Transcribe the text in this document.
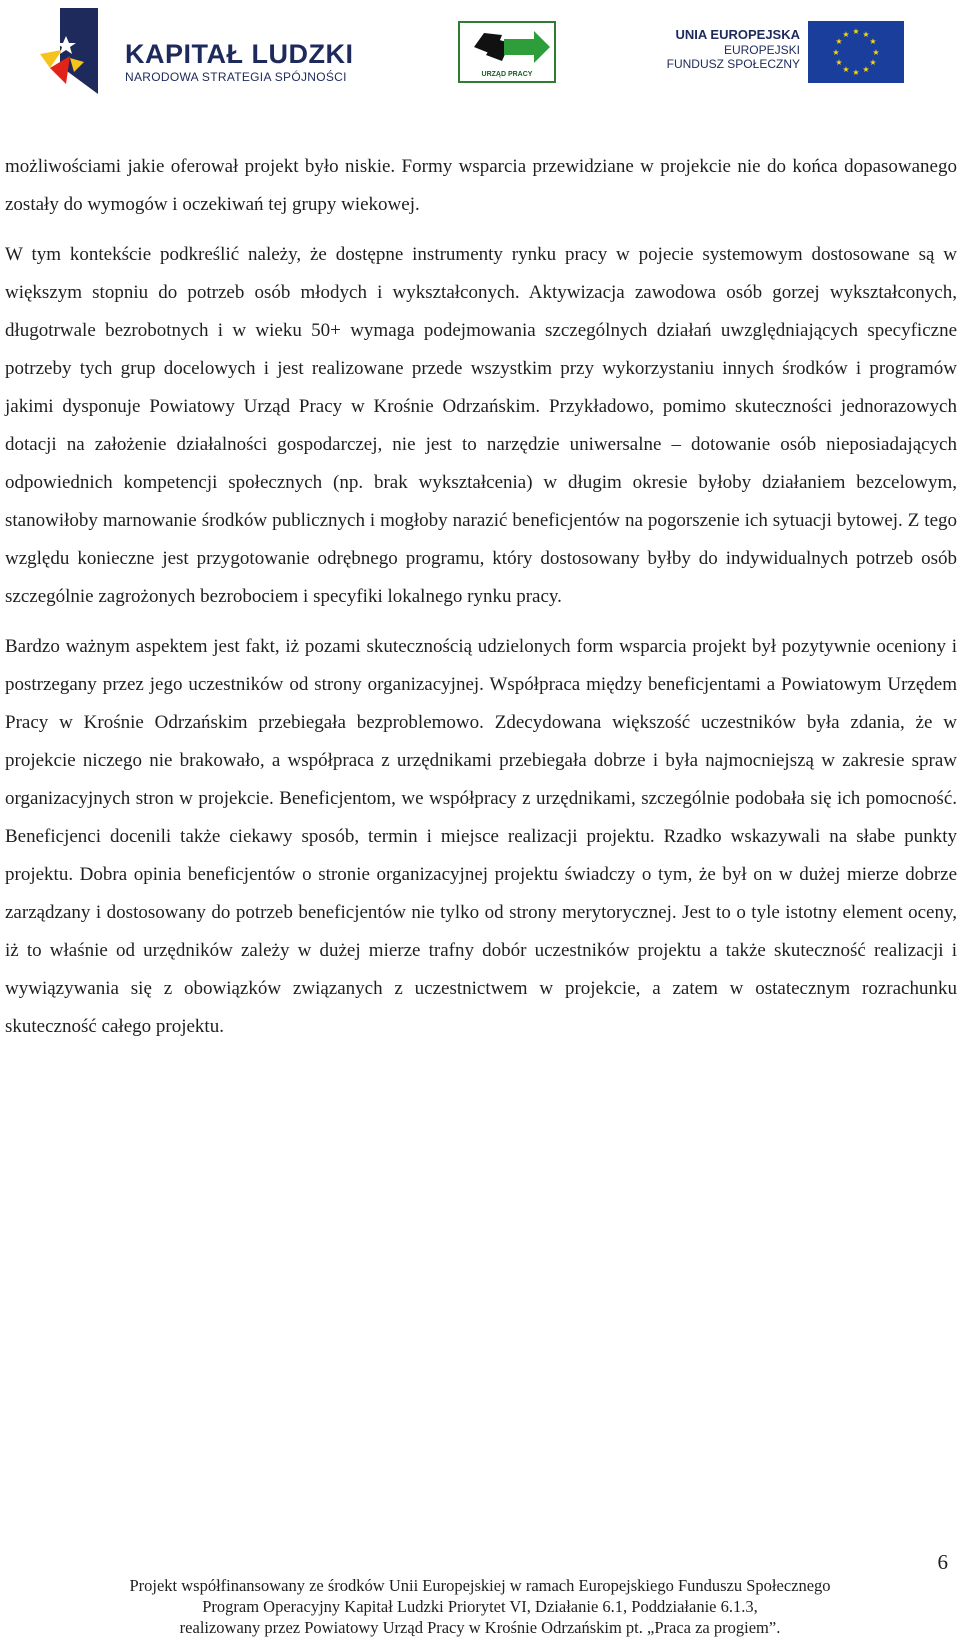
KAPITAŁ LUDZKI
NARODOWA STRATEGIA SPÓJNOŚCI	URZĄD PRACY
UNIA EUROPEJSKA
EUROPEJSKI
FUNDUSZ SPOŁECZNY
★ ★
★
★
★
★
★
★
★
★
★
★

możliwościami jakie oferował projekt było niskie. Formy wsparcia przewidziane w projekcie nie do końca dopasowanego zostały do wymogów i oczekiwań tej grupy wiekowej.

W tym kontekście podkreślić należy, że dostępne instrumenty rynku pracy w pojecie systemowym dostosowane są w większym stopniu do potrzeb osób młodych i wykształconych. Aktywizacja zawodowa osób gorzej wykształconych, długotrwale bezrobotnych i w wieku 50+ wymaga podejmowania szczególnych działań uwzględniających specyficzne potrzeby tych grup docelowych i jest realizowane przede wszystkim przy wykorzystaniu innych środków i programów jakimi dysponuje Powiatowy Urząd Pracy w Krośnie Odrzańskim. Przykładowo, pomimo skuteczności jednorazowych dotacji na założenie działalności gospodarczej, nie jest to narzędzie uniwersalne – dotowanie osób nieposiadających odpowiednich kompetencji społecznych (np. brak wykształcenia) w długim okresie byłoby działaniem bezcelowym, stanowiłoby marnowanie środków publicznych i mogłoby narazić beneficjentów na pogorszenie ich sytuacji bytowej. Z tego względu konieczne jest przygotowanie odrębnego programu, który dostosowany byłby do indywidualnych potrzeb osób szczególnie zagrożonych bezrobociem i specyfiki lokalnego rynku pracy.

Bardzo ważnym aspektem jest fakt, iż pozami skutecznością udzielonych form wsparcia projekt był pozytywnie oceniony i postrzegany przez jego uczestników od strony organizacyjnej. Współpraca między beneficjentami a Powiatowym Urzędem Pracy w Krośnie Odrzańskim przebiegała bezproblemowo. Zdecydowana większość uczestników była zdania, że w projekcie niczego nie brakowało, a współpraca z urzędnikami przebiegała dobrze i była najmocniejszą w zakresie spraw organizacyjnych stron w projekcie. Beneficjentom, we współpracy z urzędnikami, szczególnie podobała się ich pomocność. Beneficjenci docenili także ciekawy sposób, termin i miejsce realizacji projektu. Rzadko wskazywali na słabe punkty projektu. Dobra opinia beneficjentów o stronie organizacyjnej projektu świadczy o tym, że był on w dużej mierze dobrze zarządzany i dostosowany do potrzeb beneficjentów nie tylko od strony merytorycznej. Jest to o tyle istotny element oceny, iż to właśnie od urzędników zależy w dużej mierze trafny dobór uczestników projektu a także skuteczność realizacji i wywiązywania się z obowiązków związanych z uczestnictwem w projekcie, a zatem w ostatecznym rozrachunku skuteczność całego projektu.

6
Projekt współfinansowany ze środków Unii Europejskiej w ramach Europejskiego Funduszu Społecznego
Program Operacyjny Kapitał Ludzki Priorytet VI, Działanie 6.1, Poddziałanie 6.1.3,
realizowany przez Powiatowy Urząd Pracy w Krośnie Odrzańskim pt. „Praca za progiem”.
